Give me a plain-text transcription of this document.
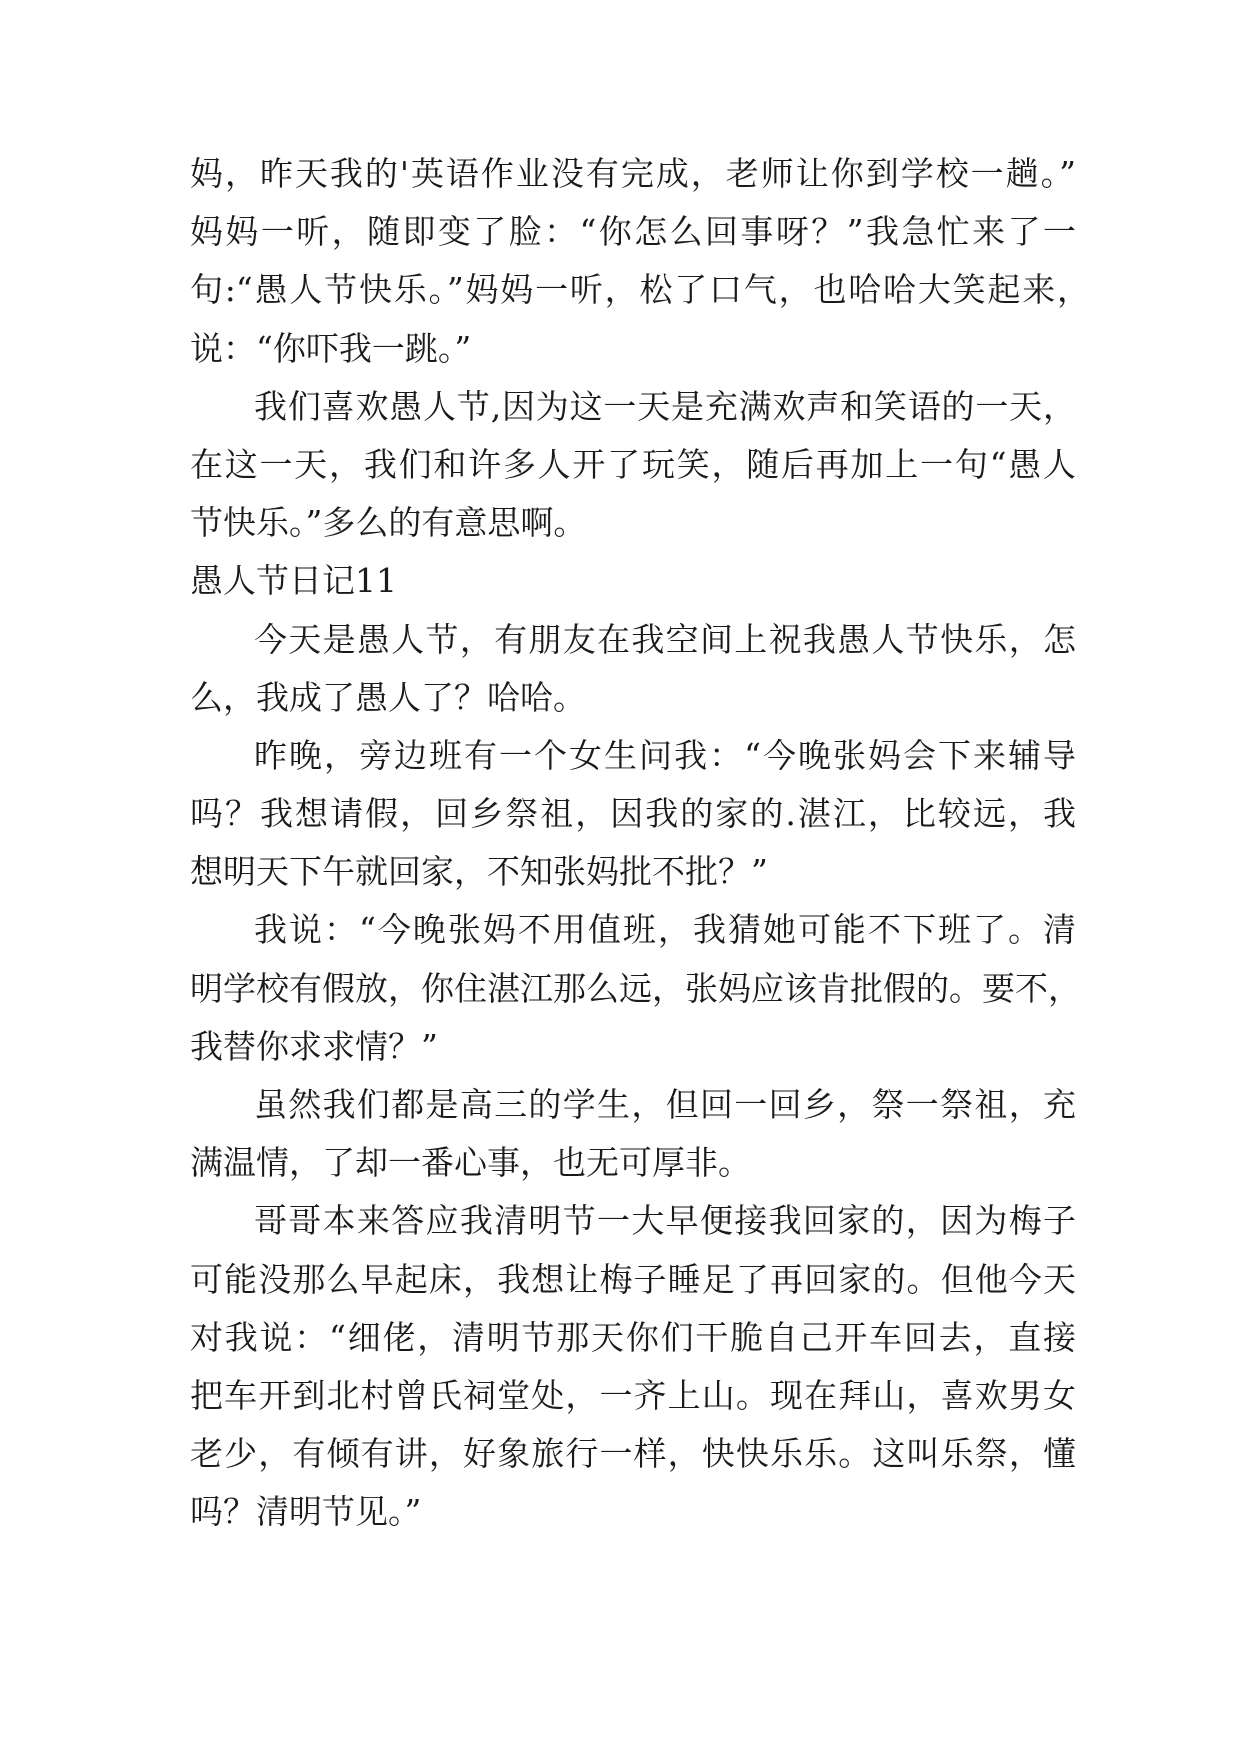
妈，昨天我的'英语作业没有完成，老师让你到学校一趟。”
妈妈一听，随即变了脸：“你怎么回事呀？”我急忙来了一
句:“愚人节快乐。”妈妈一听，松了口气，也哈哈大笑起来，
说：“你吓我一跳。”
我们喜欢愚人节,因为这一天是充满欢声和笑语的一天，
在这一天，我们和许多人开了玩笑，随后再加上一句“愚人
节快乐。”多么的有意思啊。
愚人节日记11
今天是愚人节，有朋友在我空间上祝我愚人节快乐，怎
么，我成了愚人了？哈哈。
昨晚，旁边班有一个女生问我：“今晚张妈会下来辅导
吗？我想请假，回乡祭祖，因我的家的.湛江，比较远，我
想明天下午就回家，不知张妈批不批？”
我说：“今晚张妈不用值班，我猜她可能不下班了。清
明学校有假放，你住湛江那么远，张妈应该肯批假的。要不，
我替你求求情？”
虽然我们都是高三的学生，但回一回乡，祭一祭祖，充
满温情，了却一番心事，也无可厚非。
哥哥本来答应我清明节一大早便接我回家的，因为梅子
可能没那么早起床，我想让梅子睡足了再回家的。但他今天
对我说：“细佬，清明节那天你们干脆自己开车回去，直接
把车开到北村曾氏祠堂处，一齐上山。现在拜山，喜欢男女
老少，有倾有讲，好象旅行一样，快快乐乐。这叫乐祭，懂
吗？清明节见。”
